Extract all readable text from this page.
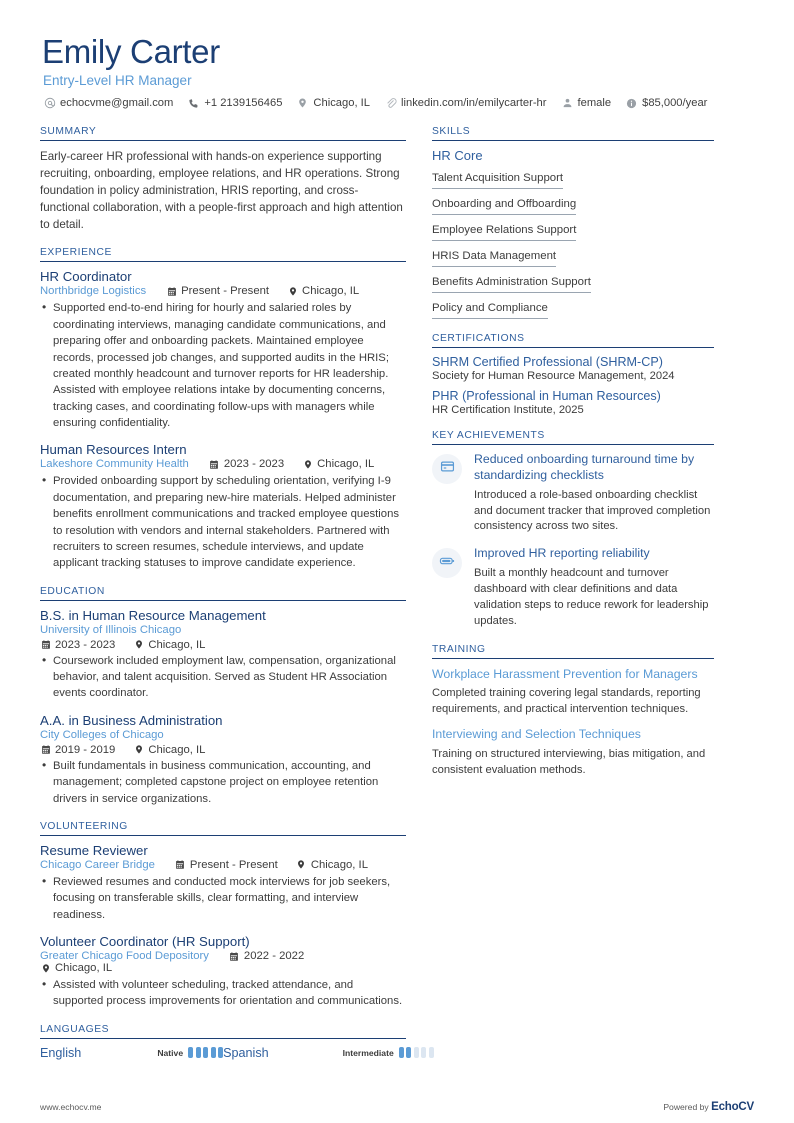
Emily Carter
Entry-Level HR Manager
echocvme@gmail.com	+1 2139156465	Chicago, IL	linkedin.com/in/emilycarter-hr	female	$85,000/year
SUMMARY
Early-career HR professional with hands-on experience supporting recruiting, onboarding, employee relations, and HR operations. Strong foundation in policy administration, HRIS reporting, and cross-functional collaboration, with a people-first approach and high attention to detail.
EXPERIENCE
HR Coordinator
Northbridge Logistics	Present - Present	Chicago, IL
• Supported end-to-end hiring for hourly and salaried roles by coordinating interviews, managing candidate communications, and preparing offer and onboarding packets. Maintained employee records, processed job changes, and supported audits in the HRIS; created monthly headcount and turnover reports for HR leadership. Assisted with employee relations intake by documenting concerns, tracking cases, and coordinating follow-ups with managers while ensuring confidentiality.
Human Resources Intern
Lakeshore Community Health	2023 - 2023	Chicago, IL
• Provided onboarding support by scheduling orientation, verifying I-9 documentation, and preparing new-hire materials. Helped administer benefits enrollment communications and tracked employee questions to resolution with vendors and internal stakeholders. Partnered with recruiters to screen resumes, schedule interviews, and update applicant tracking statuses to improve candidate experience.
EDUCATION
B.S. in Human Resource Management
University of Illinois Chicago
2023 - 2023	Chicago, IL
• Coursework included employment law, compensation, organizational behavior, and talent acquisition. Served as Student HR Association events coordinator.
A.A. in Business Administration
City Colleges of Chicago
2019 - 2019	Chicago, IL
• Built fundamentals in business communication, accounting, and management; completed capstone project on employee retention drivers in service organizations.
VOLUNTEERING
Resume Reviewer
Chicago Career Bridge	Present - Present	Chicago, IL
• Reviewed resumes and conducted mock interviews for job seekers, focusing on transferable skills, clear formatting, and interview readiness.
Volunteer Coordinator (HR Support)
Greater Chicago Food Depository	2022 - 2022
Chicago, IL
• Assisted with volunteer scheduling, tracked attendance, and supported process improvements for orientation and communications.
LANGUAGES
English	Native	Spanish	Intermediate
SKILLS
HR Core
Talent Acquisition Support
Onboarding and Offboarding
Employee Relations Support
HRIS Data Management
Benefits Administration Support
Policy and Compliance
CERTIFICATIONS
SHRM Certified Professional (SHRM-CP)
Society for Human Resource Management, 2024
PHR (Professional in Human Resources)
HR Certification Institute, 2025
KEY ACHIEVEMENTS
Reduced onboarding turnaround time by standardizing checklists
Introduced a role-based onboarding checklist and document tracker that improved completion consistency across two sites.
Improved HR reporting reliability
Built a monthly headcount and turnover dashboard with clear definitions and data validation steps to reduce rework for leadership updates.
TRAINING
Workplace Harassment Prevention for Managers
Completed training covering legal standards, reporting requirements, and practical intervention techniques.
Interviewing and Selection Techniques
Training on structured interviewing, bias mitigation, and consistent evaluation methods.
www.echocv.me	Powered by EchoCV
